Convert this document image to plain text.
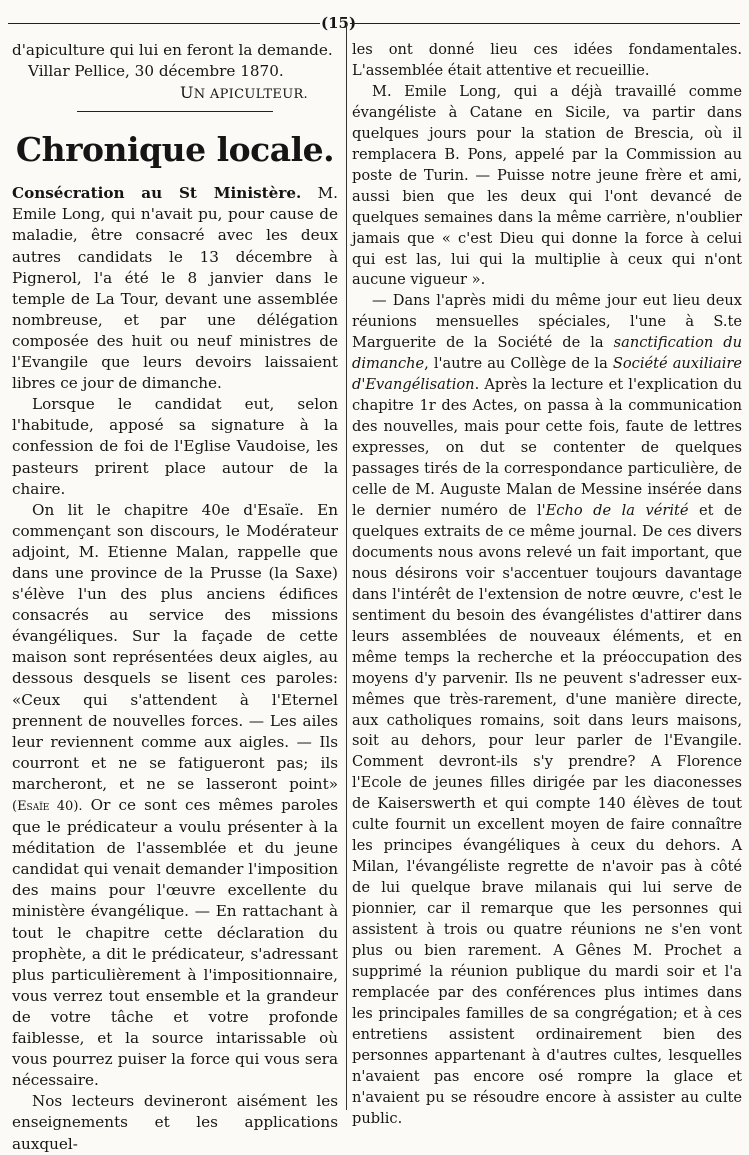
(15)

d'apiculture qui lui en feront la demande.

Villar Pellice, 30 décembre 1870.

UN APICULTEUR.

Chronique locale.

Consécration au St Ministère. M. Emile Long, qui n'avait pu, pour cause de maladie, être consacré avec les deux autres candidats le 13 décembre à Pignerol, l'a été le 8 janvier dans le temple de La Tour, devant une assemblée nombreuse, et par une délégation composée des huit ou neuf ministres de l'Evangile que leurs devoirs laissaient libres ce jour de dimanche.

Lorsque le candidat eut, selon l'habitude, apposé sa signature à la confession de foi de l'Eglise Vaudoise, les pasteurs prirent place autour de la chaire.

On lit le chapitre 40e d'Esaïe. En commençant son discours, le Modérateur adjoint, M. Etienne Malan, rappelle que dans une province de la Prusse (la Saxe) s'élève l'un des plus anciens édifices consacrés au service des missions évangéliques. Sur la façade de cette maison sont représentées deux aigles, au dessous desquels se lisent ces paroles: «Ceux qui s'attendent à l'Eternel prennent de nouvelles forces. — Les ailes leur reviennent comme aux aigles. — Ils courront et ne se fatigueront pas; ils marcheront, et ne se lasseront point» (Esaïe 40). Or ce sont ces mêmes paroles que le prédicateur a voulu présenter à la méditation de l'assemblée et du jeune candidat qui venait demander l'imposition des mains pour l'œuvre excellente du ministère évangélique. — En rattachant à tout le chapitre cette déclaration du prophète, a dit le prédicateur, s'adressant plus particulièrement à l'impositionnaire, vous verrez tout ensemble et la grandeur de votre tâche et votre profonde faiblesse, et la source intarissable où vous pourrez puiser la force qui vous sera nécessaire.

Nos lecteurs devineront aisément les enseignements et les applications auxquel-

les ont donné lieu ces idées fondamentales. L'assemblée était attentive et recueillie.

M. Emile Long, qui a déjà travaillé comme évangéliste à Catane en Sicile, va partir dans quelques jours pour la station de Brescia, où il remplacera B. Pons, appelé par la Commission au poste de Turin. — Puisse notre jeune frère et ami, aussi bien que les deux qui l'ont devancé de quelques semaines dans la même carrière, n'oublier jamais que « c'est Dieu qui donne la force à celui qui est las, lui qui la multiplie à ceux qui n'ont aucune vigueur ».

— Dans l'après midi du même jour eut lieu deux réunions mensuelles spéciales, l'une à S.te Marguerite de la Société de la sanctification du dimanche, l'autre au Collège de la Société auxiliaire d'Evangélisation. Après la lecture et l'explication du chapitre 1r des Actes, on passa à la communication des nouvelles, mais pour cette fois, faute de lettres expresses, on dut se contenter de quelques passages tirés de la correspondance particulière, de celle de M. Auguste Malan de Messine insérée dans le dernier numéro de l'Echo de la vérité et de quelques extraits de ce même journal. De ces divers documents nous avons relevé un fait important, que nous désirons voir s'accentuer toujours davantage dans l'intérêt de l'extension de notre œuvre, c'est le sentiment du besoin des évangélistes d'attirer dans leurs assemblées de nouveaux éléments, et en même temps la recherche et la préoccupation des moyens d'y parvenir. Ils ne peuvent s'adresser eux-mêmes que très-rarement, d'une manière directe, aux catholiques romains, soit dans leurs maisons, soit au dehors, pour leur parler de l'Evangile. Comment devront-ils s'y prendre? A Florence l'Ecole de jeunes filles dirigée par les diaconesses de Kaiserswerth et qui compte 140 élèves de tout culte fournit un excellent moyen de faire connaître les principes évangéliques à ceux du dehors. A Milan, l'évangéliste regrette de n'avoir pas à côté de lui quelque brave milanais qui lui serve de pionnier, car il remarque que les personnes qui assistent à trois ou quatre réunions ne s'en vont plus ou bien rarement. A Gênes M. Prochet a supprimé la réunion publique du mardi soir et l'a remplacée par des conférences plus intimes dans les principales familles de sa congrégation; et à ces entretiens assistent ordinairement bien des personnes appartenant à d'autres cultes, lesquelles n'avaient pas encore osé rompre la glace et n'avaient pu se résoudre encore à assister au culte public.
